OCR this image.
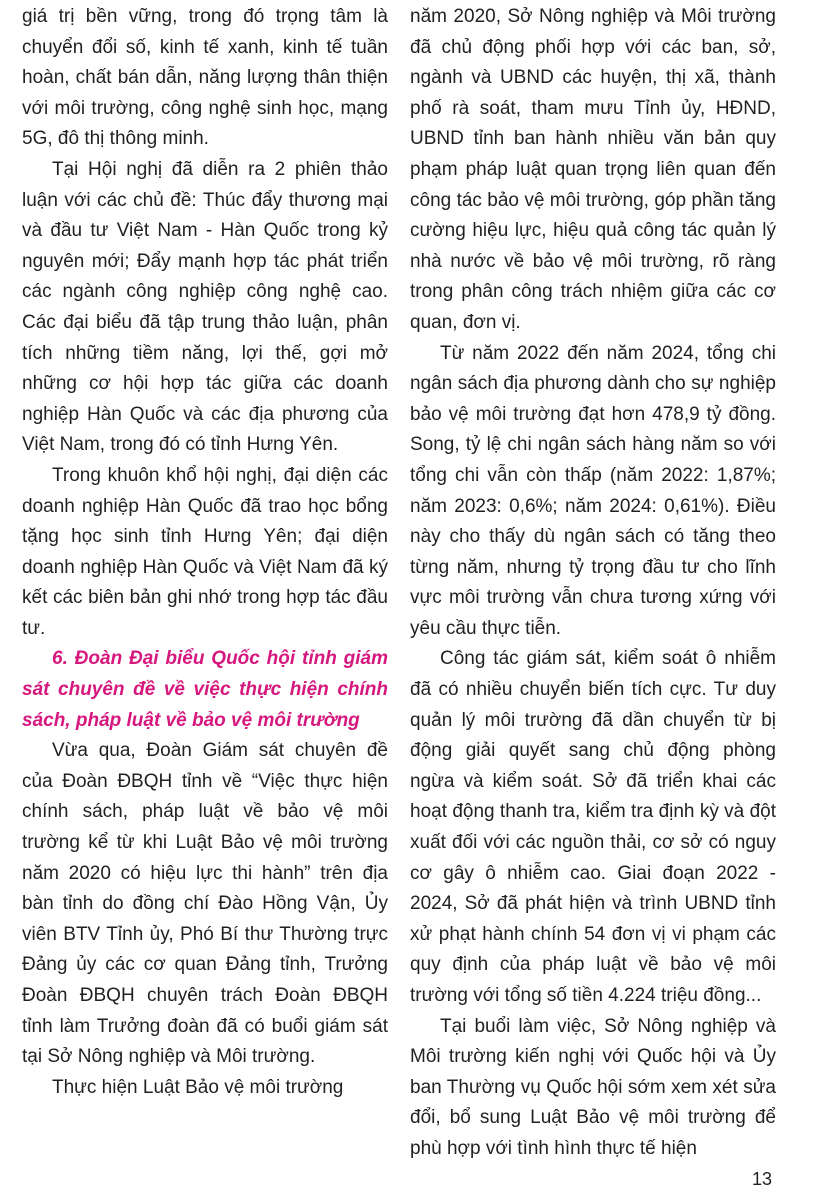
giá trị bền vững, trong đó trọng tâm là chuyển đổi số, kinh tế xanh, kinh tế tuần hoàn, chất bán dẫn, năng lượng thân thiện với môi trường, công nghệ sinh học, mạng 5G, đô thị thông minh.

Tại Hội nghị đã diễn ra 2 phiên thảo luận với các chủ đề: Thúc đẩy thương mại và đầu tư Việt Nam - Hàn Quốc trong kỷ nguyên mới; Đẩy mạnh hợp tác phát triển các ngành công nghiệp công nghệ cao. Các đại biểu đã tập trung thảo luận, phân tích những tiềm năng, lợi thế, gợi mở những cơ hội hợp tác giữa các doanh nghiệp Hàn Quốc và các địa phương của Việt Nam, trong đó có tỉnh Hưng Yên.

Trong khuôn khổ hội nghị, đại diện các doanh nghiệp Hàn Quốc đã trao học bổng tặng học sinh tỉnh Hưng Yên; đại diện doanh nghiệp Hàn Quốc và Việt Nam đã ký kết các biên bản ghi nhớ trong hợp tác đầu tư.

6. Đoàn Đại biểu Quốc hội tỉnh giám sát chuyên đề về việc thực hiện chính sách, pháp luật về bảo vệ môi trường

Vừa qua, Đoàn Giám sát chuyên đề của Đoàn ĐBQH tỉnh về “Việc thực hiện chính sách, pháp luật về bảo vệ môi trường kể từ khi Luật Bảo vệ môi trường năm 2020 có hiệu lực thi hành” trên địa bàn tỉnh do đồng chí Đào Hồng Vận, Ủy viên BTV Tỉnh ủy, Phó Bí thư Thường trực Đảng ủy các cơ quan Đảng tỉnh, Trưởng Đoàn ĐBQH chuyên trách Đoàn ĐBQH tỉnh làm Trưởng đoàn đã có buổi giám sát tại Sở Nông nghiệp và Môi trường.

Thực hiện Luật Bảo vệ môi trường

năm 2020, Sở Nông nghiệp và Môi trường đã chủ động phối hợp với các ban, sở, ngành và UBND các huyện, thị xã, thành phố rà soát, tham mưu Tỉnh ủy, HĐND, UBND tỉnh ban hành nhiều văn bản quy phạm pháp luật quan trọng liên quan đến công tác bảo vệ môi trường, góp phần tăng cường hiệu lực, hiệu quả công tác quản lý nhà nước về bảo vệ môi trường, rõ ràng trong phân công trách nhiệm giữa các cơ quan, đơn vị.

Từ năm 2022 đến năm 2024, tổng chi ngân sách địa phương dành cho sự nghiệp bảo vệ môi trường đạt hơn 478,9 tỷ đồng. Song, tỷ lệ chi ngân sách hàng năm so với tổng chi vẫn còn thấp (năm 2022: 1,87%; năm 2023: 0,6%; năm 2024: 0,61%). Điều này cho thấy dù ngân sách có tăng theo từng năm, nhưng tỷ trọng đầu tư cho lĩnh vực môi trường vẫn chưa tương xứng với yêu cầu thực tiễn.

Công tác giám sát, kiểm soát ô nhiễm đã có nhiều chuyển biến tích cực. Tư duy quản lý môi trường đã dần chuyển từ bị động giải quyết sang chủ động phòng ngừa và kiểm soát. Sở đã triển khai các hoạt động thanh tra, kiểm tra định kỳ và đột xuất đối với các nguồn thải, cơ sở có nguy cơ gây ô nhiễm cao. Giai đoạn 2022 - 2024, Sở đã phát hiện và trình UBND tỉnh xử phạt hành chính 54 đơn vị vi phạm các quy định của pháp luật về bảo vệ môi trường với tổng số tiền 4.224 triệu đồng...

Tại buổi làm việc, Sở Nông nghiệp và Môi trường kiến nghị với Quốc hội và Ủy ban Thường vụ Quốc hội sớm xem xét sửa đổi, bổ sung Luật Bảo vệ môi trường để phù hợp với tình hình thực tế hiện

13
